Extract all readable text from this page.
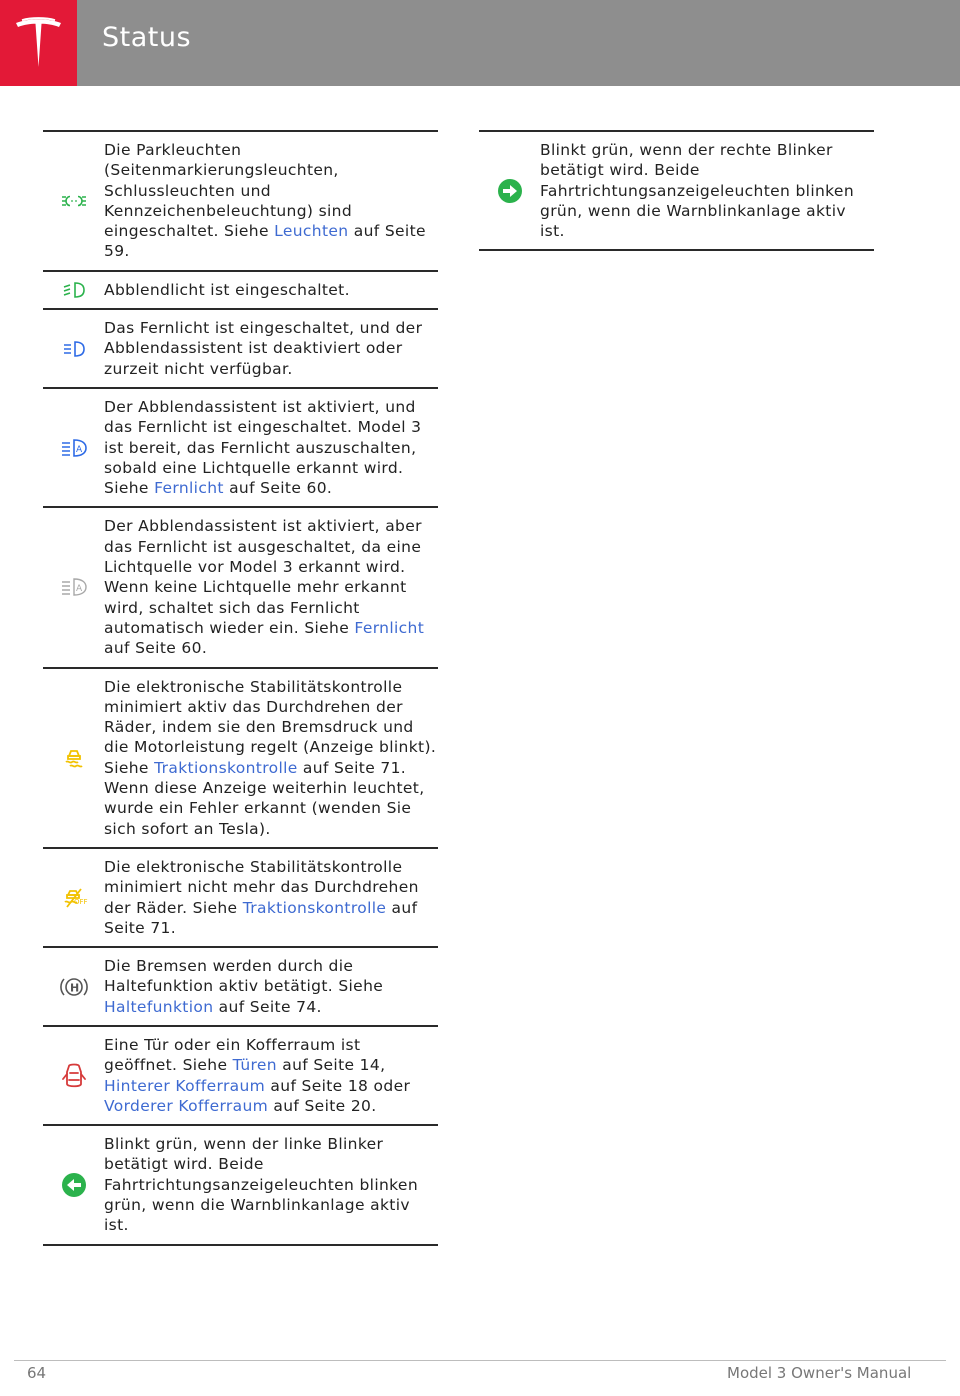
Status
Die Parkleuchten (Seitenmarkierungsleuchten, Schlussleuchten und Kennzeichenbeleuchtung) sind eingeschaltet. Siehe Leuchten auf Seite 59.
Abblendlicht ist eingeschaltet.
Das Fernlicht ist eingeschaltet, und der Abblendassistent ist deaktiviert oder zurzeit nicht verfügbar.
A
Der Abblendassistent ist aktiviert, und das Fernlicht ist eingeschaltet. Model 3 ist bereit, das Fernlicht auszuschalten, sobald eine Lichtquelle erkannt wird. Siehe Fernlicht auf Seite 60.
A
Der Abblendassistent ist aktiviert, aber das Fernlicht ist ausgeschaltet, da eine Lichtquelle vor Model 3 erkannt wird. Wenn keine Lichtquelle mehr erkannt wird, schaltet sich das Fernlicht automatisch wieder ein. Siehe Fernlicht auf Seite 60.
Die elektronische Stabilitätskontrolle minimiert aktiv das Durchdrehen der Räder, indem sie den Bremsdruck und die Motorleistung regelt (Anzeige blinkt). Siehe Traktionskontrolle auf Seite 71. Wenn diese Anzeige weiterhin leuchtet, wurde ein Fehler erkannt (wenden Sie sich sofort an Tesla).
OFF
Die elektronische Stabilitätskontrolle minimiert nicht mehr das Durchdrehen der Räder. Siehe Traktionskontrolle auf Seite 71.
H
Die Bremsen werden durch die Haltefunktion aktiv betätigt. Siehe Haltefunktion auf Seite 74.
Eine Tür oder ein Kofferraum ist geöffnet. Siehe Türen auf Seite 14, Hinterer Kofferraum auf Seite 18 oder Vorderer Kofferraum auf Seite 20.
Blinkt grün, wenn der linke Blinker betätigt wird. Beide Fahrtrichtungsanzeigeleuchten blinken grün, wenn die Warnblinkanlage aktiv ist.
Blinkt grün, wenn der rechte Blinker betätigt wird. Beide Fahrtrichtungsanzeigeleuchten blinken grün, wenn die Warnblinkanlage aktiv ist.
64	Model 3 Owner's Manual
